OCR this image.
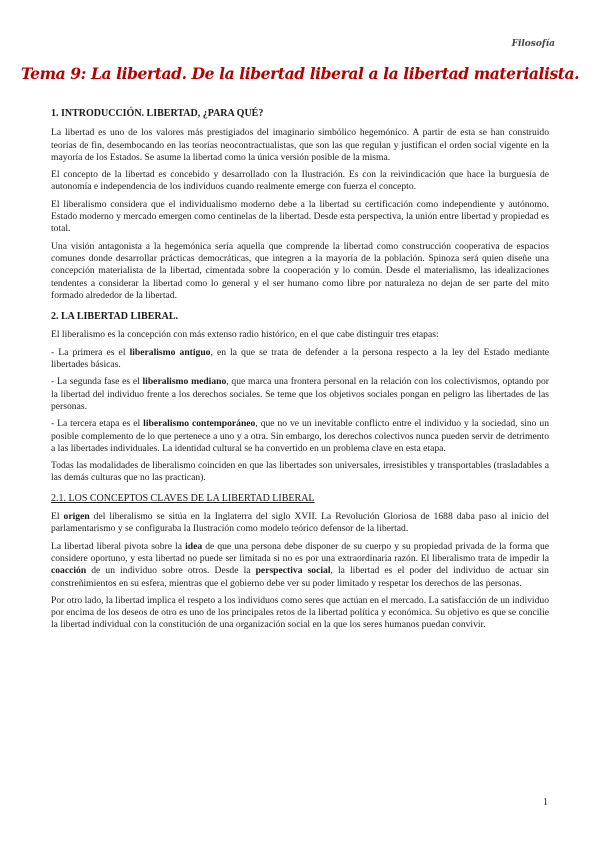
Filosofía
Tema 9: La libertad. De la libertad liberal a la libertad materialista.
1. INTRODUCCIÓN. LIBERTAD, ¿PARA QUÉ?

La libertad es uno de los valores más prestigiados del imaginario simbólico hegemónico. A partir de esta se han construido teorías de fin, desembocando en las teorías neocontractualistas, que son las que regulan y justifican el orden social vigente en la mayoría de los Estados. Se asume la libertad como la única versión posible de la misma.

El concepto de la libertad es concebido y desarrollado con la Ilustración. Es con la reivindicación que hace la burguesía de autonomía e independencia de los individuos cuando realmente emerge con fuerza el concepto.

El liberalismo considera que el individualismo moderno debe a la libertad su certificación como independiente y autónomo. Estado moderno y mercado emergen como centinelas de la libertad. Desde esta perspectiva, la unión entre libertad y propiedad es total.

Una visión antagonista a la hegemónica sería aquella que comprende la libertad como construcción cooperativa de espacios comunes donde desarrollar prácticas democráticas, que integren a la mayoría de la población. Spinoza será quien diseñe una concepción materialista de la libertad, cimentada sobre la cooperación y lo común. Desde el materialismo, las idealizaciones tendentes a considerar la libertad como lo general y el ser humano como libre por naturaleza no dejan de ser parte del mito formado alrededor de la libertad.

2. LA LIBERTAD LIBERAL.

El liberalismo es la concepción con más extenso radio histórico, en el que cabe distinguir tres etapas:

- La primera es el liberalismo antiguo, en la que se trata de defender a la persona respecto a la ley del Estado mediante libertades básicas.

- La segunda fase es el liberalismo mediano, que marca una frontera personal en la relación con los colectivismos, optando por la libertad del individuo frente a los derechos sociales. Se teme que los objetivos sociales pongan en peligro las libertades de las personas.

- La tercera etapa es el liberalismo contemporáneo, que no ve un inevitable conflicto entre el individuo y la sociedad, sino un posible complemento de lo que pertenece a uno y a otra. Sin embargo, los derechos colectivos nunca pueden servir de detrimento a las libertades individuales. La identidad cultural se ha convertido en un problema clave en esta etapa.

Todas las modalidades de liberalismo coinciden en que las libertades son universales, irresistibles y transportables (trasladables a las demás culturas que no las practican).

2.1. LOS CONCEPTOS CLAVES DE LA LIBERTAD LIBERAL

El origen del liberalismo se sitúa en la Inglaterra del siglo XVII. La Revolución Gloriosa de 1688 daba paso al inicio del parlamentarismo y se configuraba la Ilustración como modelo teórico defensor de la libertad.

La libertad liberal pivota sobre la idea de que una persona debe disponer de su cuerpo y su propiedad privada de la forma que considere oportuno, y esta libertad no puede ser limitada si no es por una extraordinaria razón. El liberalismo trata de impedir la coacción de un individuo sobre otros. Desde la perspectiva social, la libertad es el poder del individuo de actuar sin constreñimientos en su esfera, mientras que el gobierno debe ver su poder limitado y respetar los derechos de las personas.

Por otro lado, la libertad implica el respeto a los individuos como seres que actúan en el mercado. La satisfacción de un individuo por encima de los deseos de otro es uno de los principales retos de la libertad política y económica. Su objetivo es que se concilie la libertad individual con la constitución de una organización social en la que los seres humanos puedan convivir.

1
